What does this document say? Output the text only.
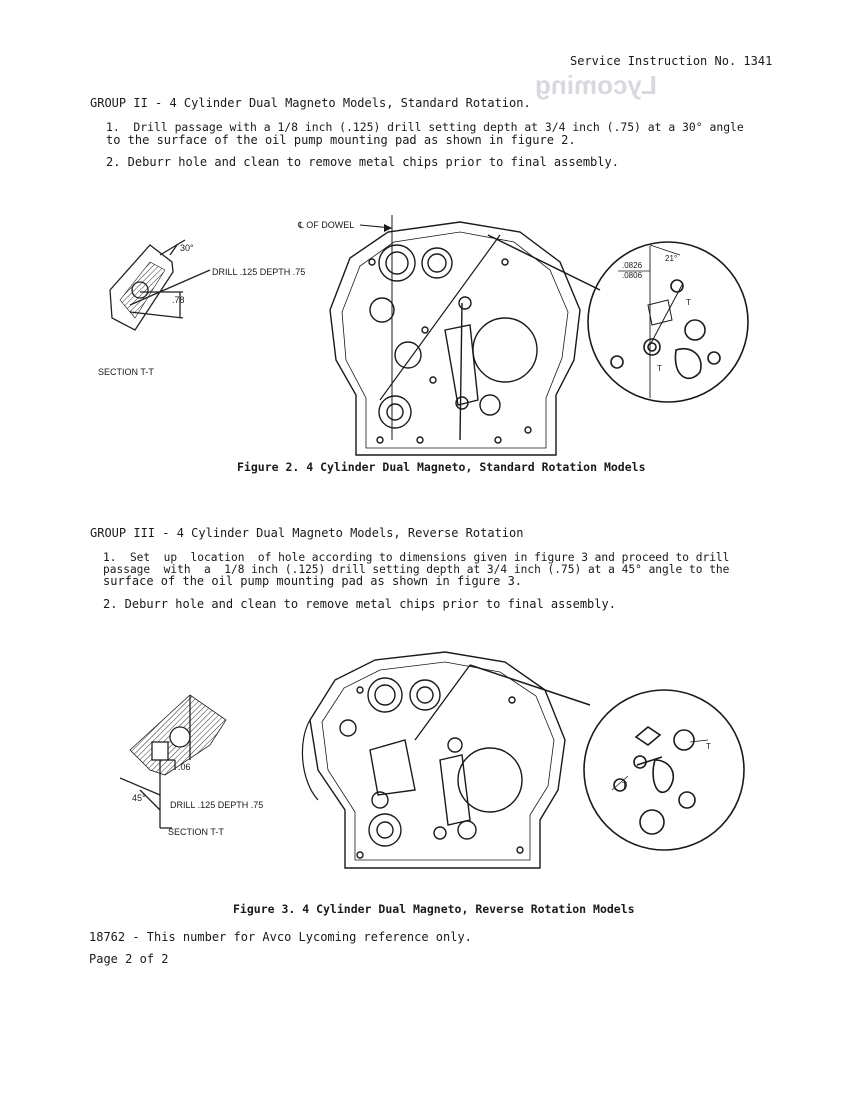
Lycoming
Service Instruction No. 1341
GROUP II - 4 Cylinder Dual Magneto Models, Standard Rotation.
1.  Drill passage with a 1/8 inch (.125) drill setting depth at 3/4 inch (.75) at a 30° angle
to the surface of the oil pump mounting pad as shown in figure 2.
2. Deburr hole and clean to remove metal chips prior to final assembly.
30°
DRILL .125 DEPTH .75
.78
SECTION T-T
℄ OF DOWEL
.0826
.0806
21°
T
T
Figure 2. 4 Cylinder Dual Magneto, Standard Rotation Models
GROUP III - 4 Cylinder Dual Magneto Models, Reverse Rotation
1.  Set  up  location  of hole according to dimensions given in figure 3 and proceed to drill
passage  with  a  1/8 inch (.125) drill setting depth at 3/4 inch (.75) at a 45° angle to the
surface of the oil pump mounting pad as shown in figure 3.
2. Deburr hole and clean to remove metal chips prior to final assembly.
.06
45°
DRILL .125 DEPTH .75
SECTION T-T
T
T
Figure 3. 4 Cylinder Dual Magneto, Reverse Rotation Models
18762 - This number for Avco Lycoming reference only.
Page 2 of 2
